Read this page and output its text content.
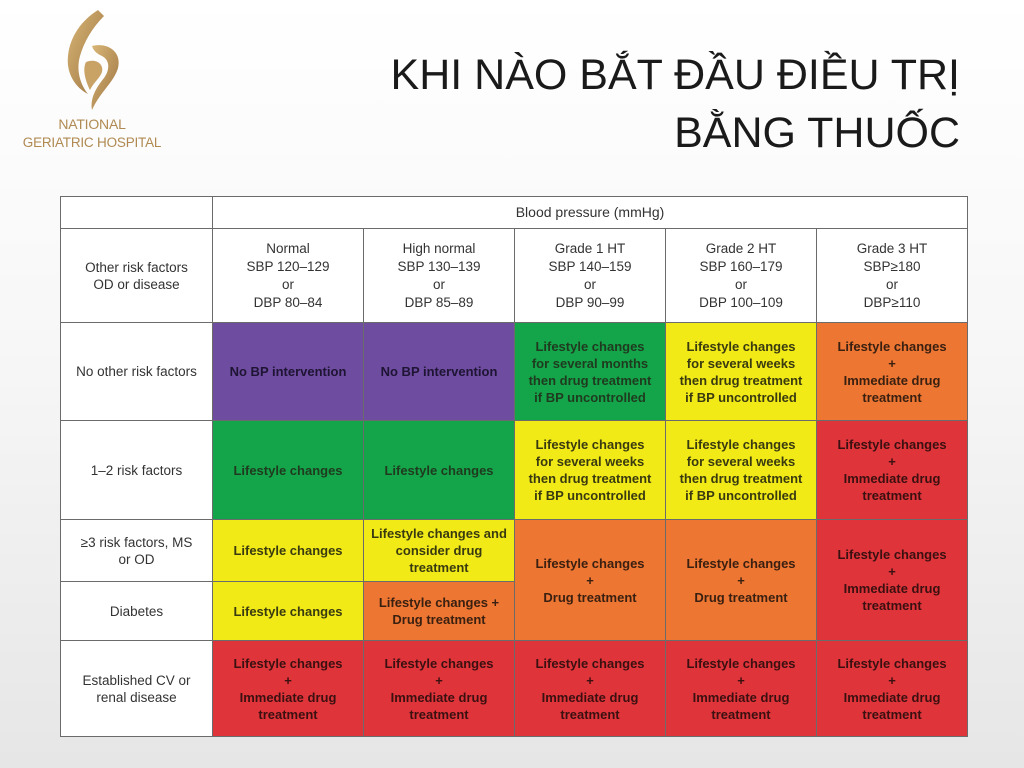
NATIONAL
GERIATRIC HOSPITAL
KHI NÀO BẮT ĐẦU ĐIỀU TRỊ
BẰNG THUỐC
	Blood pressure (mmHg)				
Other risk factors
OD or disease	Normal
SBP 120–129
or
DBP 80–84	High normal
SBP 130–139
or
DBP 85–89	Grade 1 HT
SBP 140–159
or
DBP 90–99	Grade 2 HT
SBP 160–179
or
DBP 100–109	Grade 3 HT
SBP≥180
or
DBP≥110
No other risk factors	No BP intervention	No BP intervention	Lifestyle changes
for several months
then drug treatment
if BP uncontrolled	Lifestyle changes
for several weeks
then drug treatment
if BP uncontrolled	Lifestyle changes
+
Immediate drug
treatment
1–2 risk factors	Lifestyle changes	Lifestyle changes	Lifestyle changes
for several weeks
then drug treatment
if BP uncontrolled	Lifestyle changes
for several weeks
then drug treatment
if BP uncontrolled	Lifestyle changes
+
Immediate drug
treatment
≥3 risk factors, MS
or OD	Lifestyle changes	Lifestyle changes and
consider drug
treatment	Lifestyle changes
+
Drug treatment	Lifestyle changes
+
Drug treatment	Lifestyle changes
+
Immediate drug
treatment
Diabetes	Lifestyle changes	Lifestyle changes +
Drug treatment			
Established CV or
renal disease	Lifestyle changes
+
Immediate drug
treatment	Lifestyle changes
+
Immediate drug
treatment	Lifestyle changes
+
Immediate drug
treatment	Lifestyle changes
+
Immediate drug
treatment	Lifestyle changes
+
Immediate drug
treatment
